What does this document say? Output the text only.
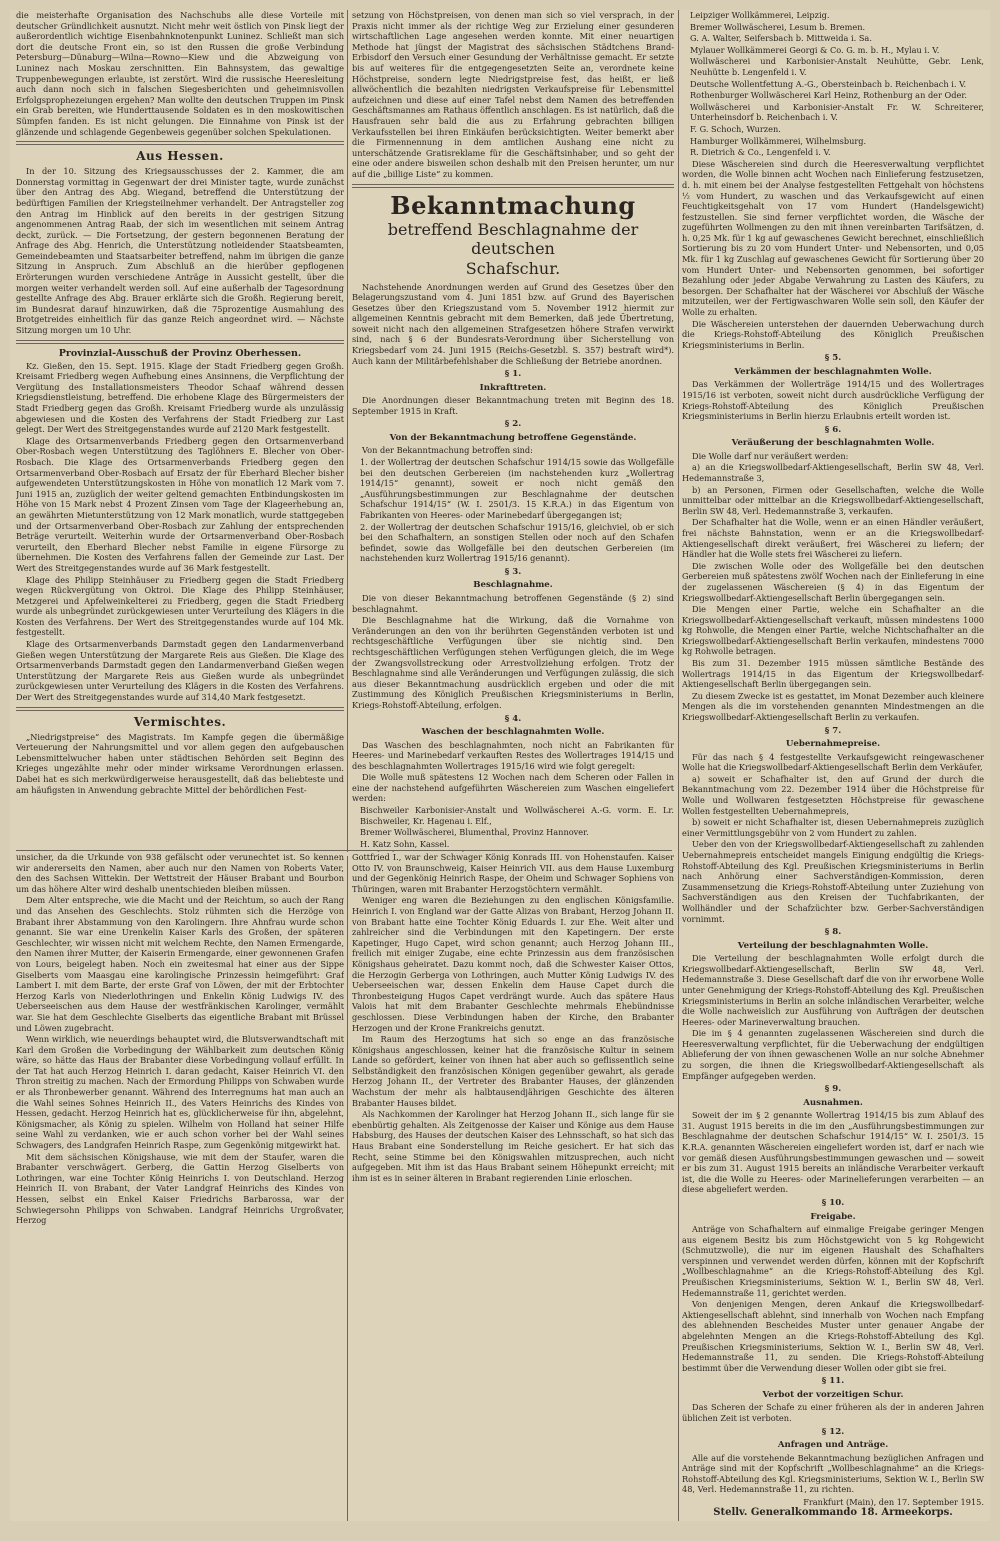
die meisterhafte Organisation des Nachschubs alle diese Vorteile mit deutscher Gründlichkeit ausnutzt. Nicht mehr weit östlich von Pinsk liegt der außerordentlich wichtige Eisenbahnknotenpunkt Luninez. Schließt man sich dort die deutsche Front ein, so ist den Russen die große Verbindung Petersburg—Dünaburg—Wilna—Rowno—Kiew und die Abzweigung von Luninez nach Moskau zerschnitten. Ein Bahnsystem, das gewaltige Truppenbewegungen erlaubte, ist zerstört. Wird die russische Heeresleitung auch dann noch sich in falschen Siegesberichten und geheimnisvollen Erfolgsprophezeiungen ergehen? Man wollte den deutschen Truppen im Pinsk ein Grab bereiten, wie Hunderttausende Soldaten es in den moskowitischen Sümpfen fanden. Es ist nicht gelungen. Die Einnahme von Pinsk ist der glänzende und schlagende Gegenbeweis gegenüber solchen Spekulationen.

Aus Hessen.

In der 10. Sitzung des Kriegsausschusses der 2. Kammer, die am Donnerstag vormittag in Gegenwart der drei Minister tagte, wurde zunächst über den Antrag des Abg. Wiegand, betreffend die Unterstützung der bedürftigen Familien der Kriegsteilnehmer verhandelt. Der Antragsteller zog den Antrag im Hinblick auf den bereits in der gestrigen Sitzung angenommenen Antrag Raab, der sich im wesentlichen mit seinem Antrag deckt, zurück. — Die Fortsetzung, der gestern begonnenen Beratung der Anfrage des Abg. Henrich, die Unterstützung notleidender Staatsbeamten, Gemeindebeamten und Staatsarbeiter betreffend, nahm im übrigen die ganze Sitzung in Anspruch. Zum Abschluß an die hierüber gepflogenen Erörterungen wurden verschiedene Anträge in Aussicht gestellt, über die morgen weiter verhandelt werden soll. Auf eine außerhalb der Tagesordnung gestellte Anfrage des Abg. Brauer erklärte sich die Großh. Regierung bereit, im Bundesrat darauf hinzuwirken, daß die 75prozentige Ausmahlung des Brotgetreides einheitlich für das ganze Reich angeordnet wird. — Nächste Sitzung morgen um 10 Uhr.

Provinzial-Ausschuß der Provinz Oberhessen.

Kz. Gießen, den 15. Sept. 1915. Klage der Stadt Friedberg gegen Großh. Kreisamt Friedberg wegen Aufhebung eines Ansinnens, die Verpflichtung der Vergütung des Installationsmeisters Theodor Schaaf während dessen Kriegsdienstleistung, betreffend. Die erhobene Klage des Bürgermeisters der Stadt Friedberg gegen das Großh. Kreisamt Friedberg wurde als unzulässig abgewiesen und die Kosten des Verfahrens der Stadt Friedberg zur Last gelegt. Der Wert des Streitgegenstandes wurde auf 2120 Mark festgestellt.

Klage des Ortsarmenverbands Friedberg gegen den Ortsarmenverband Ober-Rosbach wegen Unterstützung des Taglöhners E. Blecher von Ober-Rosbach. Die Klage des Ortsarmenverbands Friedberg gegen den Ortsarmenverband Ober-Rosbach auf Ersatz der für Eberhard Blecher bisher aufgewendeten Unterstützungskosten in Höhe von monatlich 12 Mark vom 7. Juni 1915 an, zuzüglich der weiter geltend gemachten Entbindungskosten im Höhe von 15 Mark nebst 4 Prozent Zinsen vom Tage der Klageerhebung an, an gewährten Mietunterstützung von 12 Mark monatlich, wurde stattgegeben und der Ortsarmenverband Ober-Rosbach zur Zahlung der entsprechenden Beträge verurteilt. Weiterhin wurde der Ortsarmenverband Ober-Rosbach verurteilt, den Eberhard Blecher nebst Familie in eigene Fürsorge zu übernehmen. Die Kosten des Verfahrens fallen der Gemeinde zur Last. Der Wert des Streitgegenstandes wurde auf 36 Mark festgestellt.

Klage des Philipp Steinhäuser zu Friedberg gegen die Stadt Friedberg wegen Rückvergütung von Oktroi. Die Klage des Philipp Steinhäuser, Metzgerei und Apfelweinkelterei zu Friedberg, gegen die Stadt Friedberg wurde als unbegründet zurückgewiesen unter Verurteilung des Klägers in die Kosten des Verfahrens. Der Wert des Streitgegenstandes wurde auf 104 Mk. festgestellt.

Klage des Ortsarmenverbands Darmstadt gegen den Landarmenverband Gießen wegen Unterstützung der Margarete Reis aus Gießen. Die Klage des Ortsarmenverbands Darmstadt gegen den Landarmenverband Gießen wegen Unterstützung der Margarete Reis aus Gießen wurde als unbegründet zurückgewiesen unter Verurteilung des Klägers in die Kosten des Verfahrens. Der Wert des Streitgegenstandes wurde auf 314,40 Mark festgesetzt.

Vermischtes.

„Niedrigstpreise“ des Magistrats. Im Kampfe gegen die übermäßige Verteuerung der Nahrungsmittel und vor allem gegen den aufgebauschen Lebensmittelwucher haben unter städtischen Behörden seit Beginn des Krieges ungezählte mehr oder minder wirksame Verordnungen erlassen. Dabei hat es sich merkwürdigerweise herausgestellt, daß das beliebteste und am häufigsten in Anwendung gebrachte Mittel der behördlichen Fest-

setzung von Höchstpreisen, von denen man sich so viel versprach, in der Praxis nicht immer als der richtige Weg zur Erzielung einer gesunderen wirtschaftlichen Lage angesehen werden konnte. Mit einer neuartigen Methode hat jüngst der Magistrat des sächsischen Städtchens Brand-Erbisdorf den Versuch einer Gesundung der Verhältnisse gemacht. Er setzte bis auf weiteres für die entgegengesetzten Seite an, verordnete keine Höchstpreise, sondern legte Niedrigstpreise fest, das heißt, er ließ allwöchentlich die bezahlten niedrigsten Verkaufspreise für Lebensmittel aufzeichnen und diese auf einer Tafel nebst dem Namen des betreffenden Geschäftsmannes am Rathaus öffentlich anschlagen. Es ist natürlich, daß die Hausfrauen sehr bald die aus zu Erfahrung gebrachten billigen Verkaufsstellen bei ihren Einkäufen berücksichtigten. Weiter bemerkt aber die Firmennennung in dem amtlichen Aushang eine nicht zu unterschätzende Gratisreklame für die Geschäftsinhaber, und so geht der eine oder andere bisweilen schon deshalb mit den Preisen herunter, um nur auf die „billige Liste“ zu kommen.

Bekanntmachung
betreffend Beschlagnahme der deutschen
Schafschur.

Nachstehende Anordnungen werden auf Grund des Gesetzes über den Belagerungszustand vom 4. Juni 1851 bzw. auf Grund des Bayerischen Gesetzes über den Kriegszustand vom 5. November 1912 hiermit zur allgemeinen Kenntnis gebracht mit dem Bemerken, daß jede Übertretung, soweit nicht nach den allgemeinen Strafgesetzen höhere Strafen verwirkt sind, nach § 6 der Bundesrats-Verordnung über Sicherstellung von Kriegsbedarf vom 24. Juni 1915 (Reichs-Gesetzbl. S. 357) bestraft wird*). Auch kann der Militärbefehlshaber die Schließung der Betriebe anordnen.

§ 1.
Inkrafttreten.

Die Anordnungen dieser Bekanntmachung treten mit Beginn des 18. September 1915 in Kraft.

§ 2.
Von der Bekanntmachung betroffene Gegenstände.

Von der Bekanntmachung betroffen sind:

1. der Wollertrag der deutschen Schafschur 1914/15 sowie das Wollgefälle bei den deutschen Gerbereien (im nachstehenden kurz „Wollertrag 1914/15“ genannt), soweit er noch nicht gemäß den „Ausführungsbestimmungen zur Beschlagnahme der deutschen Schafschur 1914/15“ (W. I. 2501/3. 15 K.R.A.) in das Eigentum von Fabrikanten von Heeres- oder Marinebedarf übergegangen ist;

2. der Wollertrag der deutschen Schafschur 1915/16, gleichviel, ob er sich bei den Schafhaltern, an sonstigen Stellen oder noch auf den Schafen befindet, sowie das Wollgefälle bei den deutschen Gerbereien (im nachstehenden kurz Wollertrag 1915/16 genannt).

§ 3.
Beschlagnahme.

Die von dieser Bekanntmachung betroffenen Gegenstände (§ 2) sind beschlagnahmt.

Die Beschlagnahme hat die Wirkung, daß die Vornahme von Veränderungen an den von ihr berührten Gegenständen verboten ist und rechtsgeschäftliche Verfügungen über sie nichtig sind. Den rechtsgeschäftlichen Verfügungen stehen Verfügungen gleich, die im Wege der Zwangsvollstreckung oder Arrestvollziehung erfolgen. Trotz der Beschlagnahme sind alle Veränderungen und Verfügungen zulässig, die sich aus dieser Bekanntmachung ausdrücklich ergeben und oder die mit Zustimmung des Königlich Preußischen Kriegsministeriums in Berlin, Kriegs-Rohstoff-Abteilung, erfolgen.

§ 4.
Waschen der beschlagnahmten Wolle.

Das Waschen des beschlagnahmten, noch nicht an Fabrikanten für Heeres- und Marinebedarf verkauften Restes des Wollertrages 1914/15 und des beschlagnahmten Wollertrages 1915/16 wird wie folgt geregelt:

Die Wolle muß spätestens 12 Wochen nach dem Scheren oder Fallen in eine der nachstehend aufgeführten Wäschereien zum Waschen eingeliefert werden:

Bischweiler Karbonisier-Anstalt und Wollwäscherei A.-G. vorm. E. Lr. Bischweiler, Kr. Hagenau i. Elf.,

Bremer Wollwäscherei, Blumenthal, Provinz Hannover.

H. Katz Sohn, Kassel.

Leipziger Wollkämmerei, Leipzig.

Bremer Wollwäscherei, Lesum b. Bremen.

G. A. Walter, Seifersbach b. Mittweida i. Sa.

Mylauer Wollkämmerei Georgi & Co. G. m. b. H., Mylau i. V.

Wollwäscherei und Karbonisier-Anstalt Neuhütte, Gebr. Lenk, Neuhütte b. Lengenfeld i. V.

Deutsche Wollentfettung A.-G., Obersteinbach b. Reichenbach i. V.

Rothenburger Wollwäscherei Karl Heinz, Rothenburg an der Oder.

Wollwäscherei und Karbonisier-Anstalt Fr. W. Schreiterer, Unterheinsdorf b. Reichenbach i. V.

F. G. Schoch, Wurzen.

Hamburger Wollkämmerei, Wilhelmsburg.

R. Dietrich & Co., Lengenfeld i. V.

Diese Wäschereien sind durch die Heeresverwaltung verpflichtet worden, die Wolle binnen acht Wochen nach Einlieferung festzusetzen, d. h. mit einem bei der Analyse festgestellten Fettgehalt von höchstens ½ vom Hundert, zu waschen und das Verkaufsgewicht auf einen Feuchtigkeitsgehalt von 17 vom Hundert (Handelsgewicht) festzustellen. Sie sind ferner verpflichtet worden, die Wäsche der zugeführten Wollmengen zu den mit ihnen vereinbarten Tarifsätzen, d. h. 0,25 Mk. für 1 kg auf gewaschenes Gewicht berechnet, einschließlich Sortierung bis zu 20 vom Hundert Unter- und Nebensorten, und 0,05 Mk. für 1 kg Zuschlag auf gewaschenes Gewicht für Sortierung über 20 vom Hundert Unter- und Nebensorten genommen, bei sofortiger Bezahlung oder jeder Abgabe Verwahrung zu Lasten des Käufers, zu besorgen. Der Schafhalter hat der Wäscherei vor Abschluß der Wäsche mitzuteilen, wer der Fertigwaschwaren Wolle sein soll, den Käufer der Wolle zu erhalten.

Die Wäschereien unterstehen der dauernden Ueberwachung durch die Kriegs-Rohstoff-Abteilung des Königlich Preußischen Kriegsministeriums in Berlin.

§ 5.
Verkämmen der beschlagnahmten Wolle.

Das Verkämmen der Wollerträge 1914/15 und des Wollertrages 1915/16 ist verboten, soweit nicht durch ausdrückliche Verfügung der Kriegs-Rohstoff-Abteilung des Königlich Preußischen Kriegsministeriums in Berlin hierzu Erlaubnis erteilt worden ist.

§ 6.
Veräußerung der beschlagnahmten Wolle.

Die Wolle darf nur veräußert werden:

a) an die Kriegswollbedarf-Aktiengesellschaft, Berlin SW 48, Verl. Hedemannstraße 3,

b) an Personen, Firmen oder Gesellschaften, welche die Wolle unmittelbar oder mittelbar an die Kriegswollbedarf-Aktiengesellschaft, Berlin SW 48, Verl. Hedemannstraße 3, verkaufen.

Der Schafhalter hat die Wolle, wenn er an einen Händler veräußert, frei nächste Bahnstation, wenn er an die Kriegswollbedarf-Aktiengesellschaft direkt veräußert, frei Wäscherei zu liefern; der Händler hat die Wolle stets frei Wäscherei zu liefern.

Die zwischen Wolle oder des Wollgefälle bei den deutschen Gerbereien muß spätestens zwölf Wochen nach der Einlieferung in eine der zugelassenen Wäschereien (§ 4) in das Eigentum der Kriegswollbedarf-Aktiengesellschaft Berlin übergegangen sein.

Die Mengen einer Partie, welche ein Schafhalter an die Kriegswollbedarf-Aktiengesellschaft verkauft, müssen mindestens 1000 kg Rohwolle, die Mengen einer Partie, welche Nichtschafhalter an die Kriegswollbedarf-Aktiengesellschaft Berlin verkaufen, mindestens 7000 kg Rohwolle betragen.

Bis zum 31. Dezember 1915 müssen sämtliche Bestände des Wollertrags 1914/15 in das Eigentum der Kriegswollbedarf-Aktiengesellschaft Berlin übergegangen sein.

Zu diesem Zwecke ist es gestattet, im Monat Dezember auch kleinere Mengen als die im vorstehenden genannten Mindestmengen an die Kriegswollbedarf-Aktiengesellschaft Berlin zu verkaufen.

§ 7.
Uebernahmepreise.

Für das nach § 4 festgestellte Verkaufsgewicht reingewaschener Wolle hat die Kriegswollbedarf-Aktiengesellschaft Berlin dem Verkäufer,

a) soweit er Schafhalter ist, den auf Grund der durch die Bekanntmachung vom 22. Dezember 1914 über die Höchstpreise für Wolle und Wollwaren festgesetzten Höchstpreise für gewaschene Wollen festgestellten Uebernahmepreis,

b) soweit er nicht Schafhalter ist, diesen Uebernahmepreis zuzüglich einer Vermittlungsgebühr von 2 vom Hundert zu zahlen.

Ueber den von der Kriegswollbedarf-Aktiengesellschaft zu zahlenden Uebernahmepreis entscheidet mangels Einigung endgültig die Kriegs-Rohstoff-Abteilung des Kgl. Preußischen Kriegsministeriums in Berlin nach Anhörung einer Sachverständigen-Kommission, deren Zusammensetzung die Kriegs-Rohstoff-Abteilung unter Zuziehung von Sachverständigen aus den Kreisen der Tuchfabrikanten, der Wollhändler und der Schafzüchter bzw. Gerber-Sachverständigen vornimmt.

§ 8.
Verteilung der beschlagnahmten Wolle.

Die Verteilung der beschlagnahmten Wolle erfolgt durch die Kriegswollbedarf-Aktiengesellschaft, Berlin SW 48, Verl. Hedemannstraße 3. Diese Gesellschaft darf die von ihr erworbene Wolle unter Genehmigung der Kriegs-Rohstoff-Abteilung des Kgl. Preußischen Kriegsministeriums in Berlin an solche inländischen Verarbeiter, welche die Wolle nachweislich zur Ausführung von Aufträgen der deutschen Heeres- oder Marineverwaltung brauchen.

Die im § 4 genannten zugelassenen Wäschereien sind durch die Heeresverwaltung verpflichtet, für die Ueberwachung der endgültigen Ablieferung der von ihnen gewaschenen Wolle an nur solche Abnehmer zu sorgen, die ihnen die Kriegswollbedarf-Aktiengesellschaft als Empfänger aufgegeben werden.

§ 9.
Ausnahmen.

Soweit der im § 2 genannte Wollertrag 1914/15 bis zum Ablauf des 31. August 1915 bereits in die im den „Ausführungsbestimmungen zur Beschlagnahme der deutschen Schafschur 1914/15“ W. I. 2501/3. 15 K.R.A. genannten Wäschereien eingeliefert worden ist, darf er nach wie vor gemäß diesen Ausführungsbestimmungen gewaschen und — soweit er bis zum 31. August 1915 bereits an inländische Verarbeiter verkauft ist, die die Wolle zu Heeres- oder Marinelieferungen verarbeiten — an diese abgeliefert werden.

§ 10.
Freigabe.

Anträge von Schafhaltern auf einmalige Freigabe geringer Mengen aus eigenem Besitz bis zum Höchstgewicht von 5 kg Rohgewicht (Schmutzwolle), die nur im eigenen Haushalt des Schafhalters verspinnen und verwendet werden dürfen, können mit der Kopfschrift „Wollbeschlagnahme“ an die Kriegs-Rohstoff-Abteilung des Kgl. Preußischen Kriegsministeriums, Sektion W. I., Berlin SW 48, Verl. Hedemannstraße 11, gerichtet werden.

Von denjenigen Mengen, deren Ankauf die Kriegswollbedarf-Aktiengesellschaft ablehnt, sind innerhalb von Wochen nach Empfang des ablehnenden Bescheides Muster unter genauer Angabe der abgelehnten Mengen an die Kriegs-Rohstoff-Abteilung des Kgl. Preußischen Kriegsministeriums, Sektion W. I., Berlin SW 48, Verl. Hedemannstraße 11, zu senden. Die Kriegs-Rohstoff-Abteilung bestimmt über die Verwendung dieser Wollen oder gibt sie frei.

§ 11.
Verbot der vorzeitigen Schur.

Das Scheren der Schafe zu einer früheren als der in anderen Jahren üblichen Zeit ist verboten.

§ 12.
Anfragen und Anträge.

Alle auf die vorstehende Bekanntmachung bezüglichen Anfragen und Anträge sind mit der Kopfschrift „Wollbeschlagnahme“ an die Kriegs-Rohstoff-Abteilung des Kgl. Kriegsministeriums, Sektion W. I., Berlin SW 48, Verl. Hedemannstraße 11, zu richten.

Frankfurt (Main), den 17. September 1915.

Stellv. Generalkommando 18. Armeekorps.

unsicher, da die Urkunde von 938 gefälscht oder verunechtet ist. So kennen wir andererseits den Namen, aber auch nur den Namen von Roberts Vater, den des Sachsen Wittekin. Der Wettstreit der Häuser Brabant und Bourbon um das höhere Alter wird deshalb unentschieden bleiben müssen.

Dem Alter entspreche, wie die Macht und der Reichtum, so auch der Rang und das Ansehen des Geschlechts. Stolz rühmten sich die Herzöge von Brabant ihrer Abstammung von den Karolingern. Ihre Ahnfrau wurde schon genannt. Sie war eine Urenkelin Kaiser Karls des Großen, der späteren Geschlechter, wir wissen nicht mit welchem Rechte, den Namen Ermengarde, den Namen ihrer Mutter, der Kaiserin Ermengarde, einer gewonnenen Grafen von Lours, beigelegt haben. Noch ein zweitesmal hat einer aus der Sippe Giselberts vom Maasgau eine karolingische Prinzessin heimgeführt: Graf Lambert I. mit dem Barte, der erste Graf von Löwen, der mit der Erbtochter Herzog Karls von Niederlothringen und Enkelin König Ludwigs IV. des Ueberseeischen aus dem Hause der westfränkischen Karolinger, vermählt war. Sie hat dem Geschlechte Giselberts das eigentliche Brabant mit Brüssel und Löwen zugebracht.

Wenn wirklich, wie neuerdings behauptet wird, die Blutsverwandtschaft mit Karl dem Großen die Vorbedingung der Wählbarkeit zum deutschen König wäre, so hätte das Haus der Brabanter diese Vorbedingung vollauf erfüllt. In der Tat hat auch Herzog Heinrich I. daran gedacht, Kaiser Heinrich VI. den Thron streitig zu machen. Nach der Ermordung Philipps von Schwaben wurde er als Thronbewerber genannt. Während des Interregnums hat man auch an die Wahl seines Sohnes Heinrich II., des Vaters Heinrichs des Kindes von Hessen, gedacht. Herzog Heinrich hat es, glücklicherweise für ihn, abgelehnt, Königsmacher, als König zu spielen. Wilhelm von Holland hat seiner Hilfe seine Wahl zu verdanken, wie er auch schon vorher bei der Wahl seines Schwagers, des Landgrafen Heinrich Raspe, zum Gegenkönig mitgewirkt hat.

Mit dem sächsischen Königshause, wie mit dem der Staufer, waren die Brabanter verschwägert. Gerberg, die Gattin Herzog Giselberts von Lothringen, war eine Tochter König Heinrichs I. von Deutschland. Herzog Heinrich II. von Brabant, der Vater Landgraf Heinrichs des Kindes von Hessen, selbst ein Enkel Kaiser Friedrichs Barbarossa, war der Schwiegersohn Philipps von Schwaben. Landgraf Heinrichs Urgroßvater, Herzog

Gottfried I., war der Schwager König Konrads III. von Hohenstaufen. Kaiser Otto IV. von Braunschweig, Kaiser Heinrich VII. aus dem Hause Luxemburg und der Gegenkönig Heinrich Raspe, der Oheim und Schwager Sophiens von Thüringen, waren mit Brabanter Herzogstöchtern vermählt.

Weniger eng waren die Beziehungen zu den englischen Königsfamilie. Heinrich I. von England war der Gatte Alizas von Brabant, Herzog Johann II. von Brabant hatte eine Tochter König Eduards I. zur Ehe. Weit alter und zahlreicher sind die Verbindungen mit den Kapetingern. Der erste Kapetinger, Hugo Capet, wird schon genannt; auch Herzog Johann III., freilich mit einiger Zugabe, eine echte Prinzessin aus dem französischen Königshaus geheiratet. Dazu kommt noch, daß die Schwester Kaiser Ottos, die Herzogin Gerberga von Lothringen, auch Mutter König Ludwigs IV. des Ueberseeischen war, dessen Enkelin dem Hause Capet durch die Thronbesteigung Hugos Capet verdrängt wurde. Auch das spätere Haus Valois hat mit dem Brabanter Geschlechte mehrmals Ehebündnisse geschlossen. Diese Verbindungen haben der Kirche, den Brabanter Herzogen und der Krone Frankreichs genutzt.

Im Raum des Herzogtums hat sich so enge an das französische Königshaus angeschlossen, keiner hat die französische Kultur in seinem Lande so gefördert, keiner von ihnen hat aber auch so geflissentlich seine Selbständigkeit den französischen Königen gegenüber gewahrt, als gerade Herzog Johann II., der Vertreter des Brabanter Hauses, der glänzenden Wachstum der mehr als halbtausendjährigen Geschichte des älteren Brabanter Hauses bildet.

Als Nachkommen der Karolinger hat Herzog Johann II., sich lange für sie ebenbürtig gehalten. Als Zeitgenosse der Kaiser und Könige aus dem Hause Habsburg, des Hauses der deutschen Kaiser des Lehnsschaft, so hat sich das Haus Brabant eine Sonderstellung im Reiche gesichert. Er hat sich das Recht, seine Stimme bei den Königswahlen mitzusprechen, auch nicht aufgegeben. Mit ihm ist das Haus Brabant seinem Höhepunkt erreicht; mit ihm ist es in seiner älteren in Brabant regierenden Linie erloschen.
